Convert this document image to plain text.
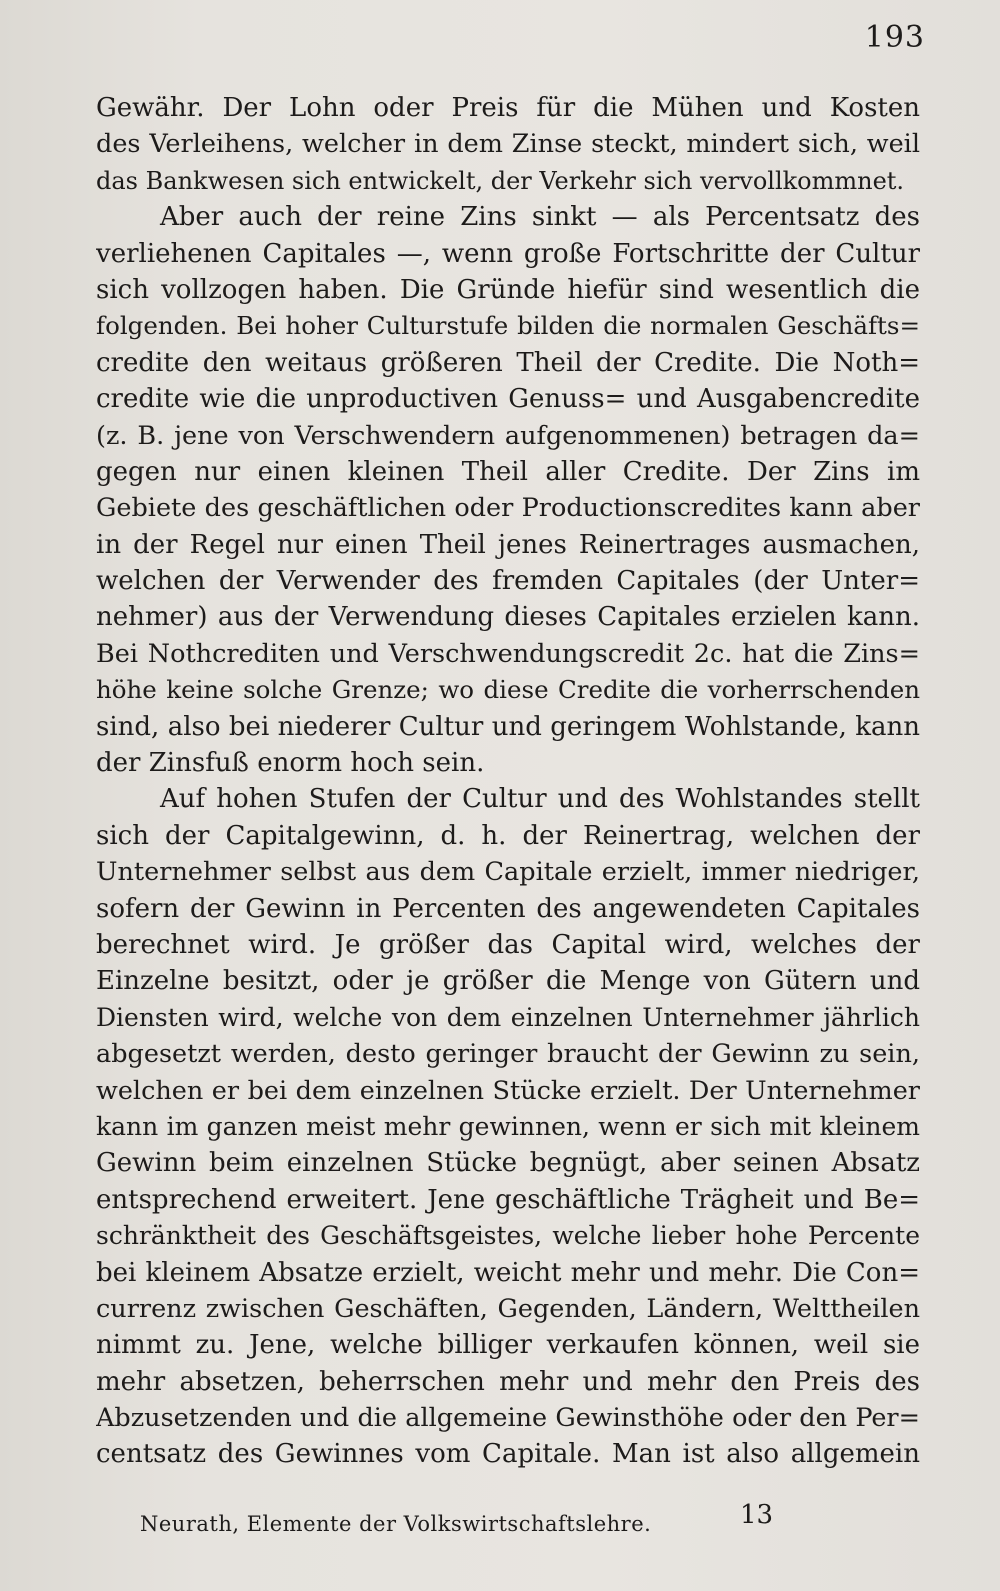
193
Gewähr. Der Lohn oder Preis für die Mühen und Kosten
des Verleihens, welcher in dem Zinse steckt, mindert sich, weil
das Bankwesen sich entwickelt, der Verkehr sich vervollkommnet.
Aber auch der reine Zins sinkt — als Percentsatz des
verliehenen Capitales —, wenn große Fortschritte der Cultur
sich vollzogen haben. Die Gründe hiefür sind wesentlich die
folgenden. Bei hoher Culturstufe bilden die normalen Geschäfts=
credite den weitaus größeren Theil der Credite. Die Noth=
credite wie die unproductiven Genuss= und Ausgabencredite
(z. B. jene von Verschwendern aufgenommenen) betragen da=
gegen nur einen kleinen Theil aller Credite. Der Zins im
Gebiete des geschäftlichen oder Productionscredites kann aber
in der Regel nur einen Theil jenes Reinertrages ausmachen,
welchen der Verwender des fremden Capitales (der Unter=
nehmer) aus der Verwendung dieses Capitales erzielen kann.
Bei Nothcrediten und Verschwendungscredit 2c. hat die Zins=
höhe keine solche Grenze; wo diese Credite die vorherrschenden
sind, also bei niederer Cultur und geringem Wohlstande, kann
der Zinsfuß enorm hoch sein.
Auf hohen Stufen der Cultur und des Wohlstandes stellt
sich der Capitalgewinn, d. h. der Reinertrag, welchen der
Unternehmer selbst aus dem Capitale erzielt, immer niedriger,
sofern der Gewinn in Percenten des angewendeten Capitales
berechnet wird. Je größer das Capital wird, welches der
Einzelne besitzt, oder je größer die Menge von Gütern und
Diensten wird, welche von dem einzelnen Unternehmer jährlich
abgesetzt werden, desto geringer braucht der Gewinn zu sein,
welchen er bei dem einzelnen Stücke erzielt. Der Unternehmer
kann im ganzen meist mehr gewinnen, wenn er sich mit kleinem
Gewinn beim einzelnen Stücke begnügt, aber seinen Absatz
entsprechend erweitert. Jene geschäftliche Trägheit und Be=
schränktheit des Geschäftsgeistes, welche lieber hohe Percente
bei kleinem Absatze erzielt, weicht mehr und mehr. Die Con=
currenz zwischen Geschäften, Gegenden, Ländern, Welttheilen
nimmt zu. Jene, welche billiger verkaufen können, weil sie
mehr absetzen, beherrschen mehr und mehr den Preis des
Abzusetzenden und die allgemeine Gewinsthöhe oder den Per=
centsatz des Gewinnes vom Capitale. Man ist also allgemein
Neurath, Elemente der Volkswirtschaftslehre.	13
